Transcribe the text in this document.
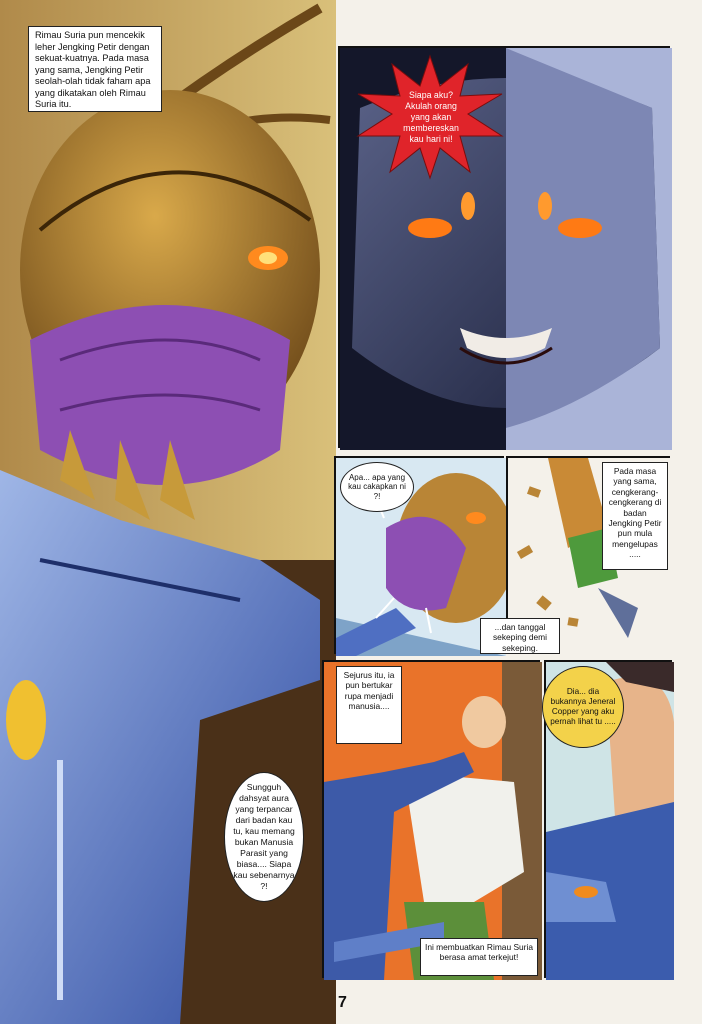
Rimau Suria pun mencekik leher Jengking Petir dengan sekuat-kuatnya. Pada masa yang sama, Jengking Petir seolah-olah tidak faham apa yang dikatakan oleh Rimau Suria itu.
Sungguh dahsyat aura yang terpancar dari badan kau tu, kau memang bukan Manusia Parasit yang biasa.... Siapa kau sebenarnya ?!
Siapa aku? Akulah orang yang akan membereskan kau hari ni!
Apa... apa yang kau cakapkan ni ?!
Pada masa yang sama, cengkerang-cengkerang di badan Jengking Petir pun mula mengelupas .....
...dan tanggal sekeping demi sekeping.
Sejurus itu, ia pun bertukar rupa menjadi manusia....
Ini membuatkan Rimau Suria berasa amat terkejut!
Dia... dia bukannya Jeneral Copper yang aku pernah lihat tu .....
7
